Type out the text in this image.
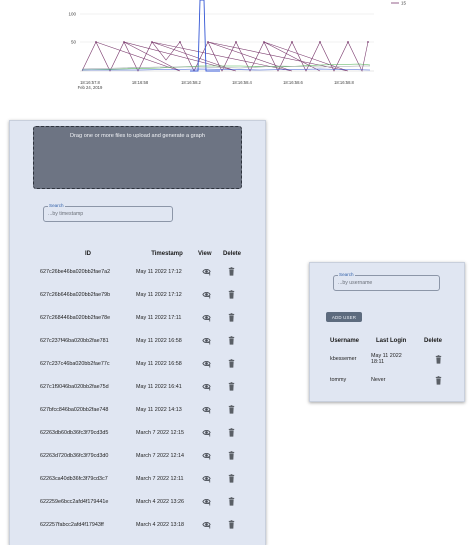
100
50
18:16:57.8 Feb 24, 2019
18:16:58	18:16:58.2	18:16:58.4	18:16:58.6	18:16:58.8
15
Drag one or more files to upload and generate a graph
Search
...by timestamp
ID	Timestamp	View	Delete
627c26be46ba020bb2fae7a2	May 11 2022 17:12		
627c26b646ba020bb2fae79b	May 11 2022 17:12		
627c268446ba020bb2fae78e	May 11 2022 17:11		
627c237f46ba020bb2fae781	May 11 2022 16:58		
627c237c46ba020bb2fae77c	May 11 2022 16:58		
627c1f9046ba020bb2fae75d	May 11 2022 16:41		
627bfcc846ba020bb2fae748	May 11 2022 14:13		
62263db60db36fc3f79cd3d5	March 7 2022 12:15		
62263d720db36fc3f79cd3d0	March 7 2022 12:14		
62263ca40db36fc3f79cd3c7	March 7 2022 12:11		
622259e6bcc2afd4f179441e	March 4 2022 13:26		
622257fabcc2afd4f17943ff	March 4 2022 13:18		
Search
...by username
ADD USER
Username	Last Login	Delete
kbessemer	May 11 2022
18:11	
tommy	Never	
